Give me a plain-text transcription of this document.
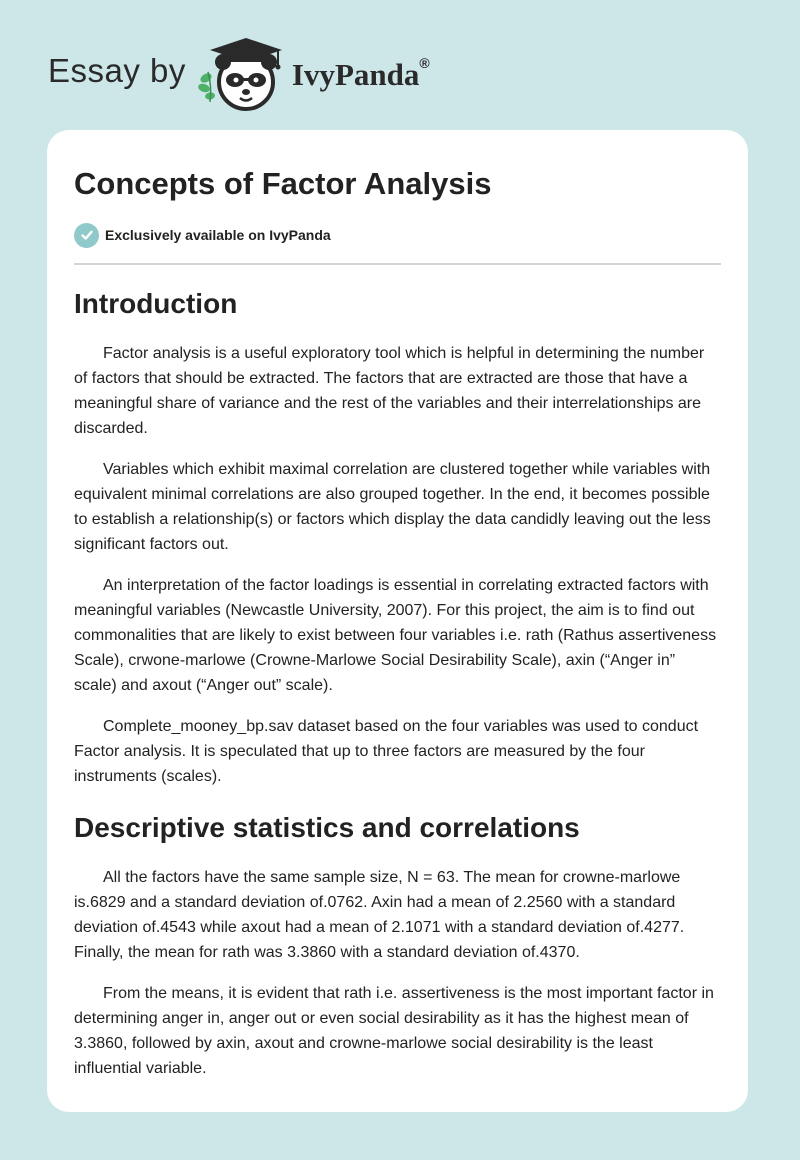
Essay by	IvyPanda®
Concepts of Factor Analysis
Exclusively available on IvyPanda
Introduction

Factor analysis is a useful exploratory tool which is helpful in determining the number of factors that should be extracted. The factors that are extracted are those that have a meaningful share of variance and the rest of the variables and their interrelationships are discarded.

Variables which exhibit maximal correlation are clustered together while variables with equivalent minimal correlations are also grouped together. In the end, it becomes possible to establish a relationship(s) or factors which display the data candidly leaving out the less significant factors out.

An interpretation of the factor loadings is essential in correlating extracted factors with meaningful variables (Newcastle University, 2007). For this project, the aim is to find out commonalities that are likely to exist between four variables i.e. rath (Rathus assertiveness Scale), crwone-marlowe (Crowne-Marlowe Social Desirability Scale), axin (“Anger in” scale) and axout (“Anger out” scale).

Complete_mooney_bp.sav dataset based on the four variables was used to conduct Factor analysis. It is speculated that up to three factors are measured by the four instruments (scales).

Descriptive statistics and correlations

All the factors have the same sample size, N = 63. The mean for crowne-marlowe is.6829 and a standard deviation of.0762. Axin had a mean of 2.2560 with a standard deviation of.4543 while axout had a mean of 2.1071 with a standard deviation of.4277. Finally, the mean for rath was 3.3860 with a standard deviation of.4370.

From the means, it is evident that rath i.e. assertiveness is the most important factor in determining anger in, anger out or even social desirability as it has the highest mean of 3.3860, followed by axin, axout and crowne-marlowe social desirability is the least influential variable.
